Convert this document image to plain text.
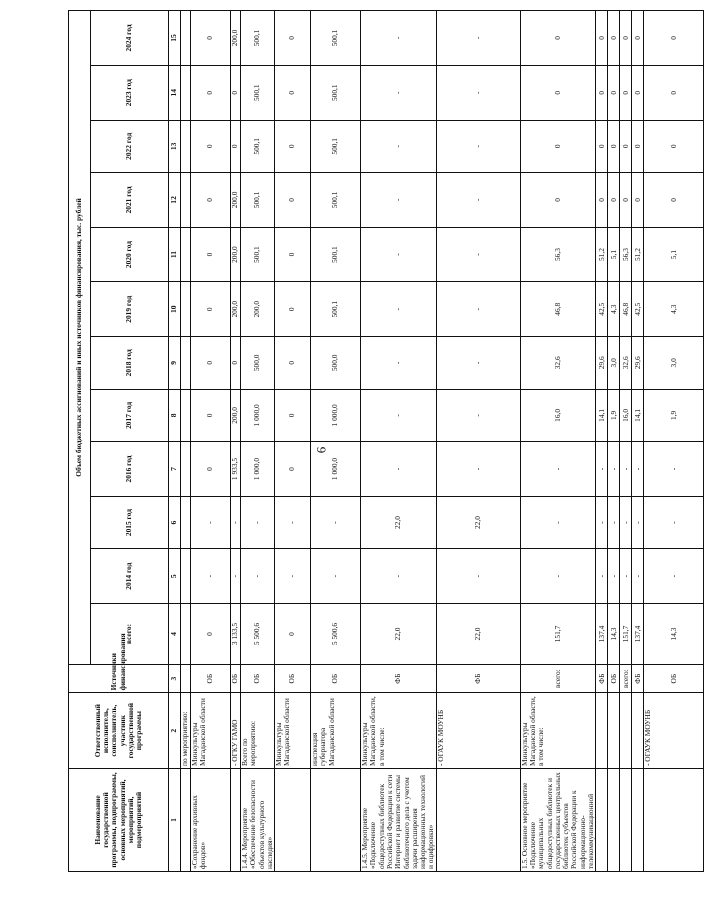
6
Наименование государственной программы, подпрограммы, основных мероприятий, мероприятий, подмероприятий	Ответственный исполнитель, соисполнитель, участник государственной программы	Источники финансирования	Объем бюджетных ассигнований и иных источников финансирования, тыс. рублей											
			всего:	2014 год	2015 год	2016 год	2017 год	2018 год	2019 год	2020 год	2021 год	2022 год	2023 год	2024 год
1	2	3	4	5	6	7	8	9	10	11	12	13	14	15
	по мероприятию:													
«Сохранение архивных фондов»	Минкультуры Магаданской области	ОБ	0	-	-	0	0	0	0	0	0	0	0	0
	- ОГКУ ГАМО	ОБ	3 133,5	-	-	1 933,5	200,0	0	200,0	200,0	200,0	0	0	200,0
1.4.4. Мероприятие «Обеспечение безопасности объектов культурного наследия»	Всего по мероприятию:	ОБ	5 500,6	-	-	1 000,0	1 000,0	500,0	200,0	500,1	500,1	500,1	500,1	500,1
	Минкультуры Магаданской области	ОБ	0	-	-	0	0	0	0	0	0	0	0	0
	инспекция губернатора Магаданской области	ОБ	5 500,6	-	-	1 000,0	1 000,0	500,0	500,1	500,1	500,1	500,1	500,1	500,1
1.4.5. Мероприятие «Подключение общедоступных библиотек Российской Федерации к сети Интернет и развитие системы библиотечного дела с учетом задачи расширения информационных технологий и оцифровки»	Минкультуры Магаданской области, в том числе:	ФБ	22,0	-	22,0	-	-	-	-	-	-	-	-	-
	- ОГАУК МОУНБ	ФБ	22,0	-	22,0	-	-	-	-	-	-	-	-	-
1.5. Основное мероприятие «Подключение муниципальных общедоступных библиотек и государственных центральных библиотек субъектов Российской Федерации к информационно-телекоммуникационной	Минкультуры Магаданской области, в том числе:	всего:	151,7	-	-	-	16,0	32,6	46,8	56,3	0	0	0	0
		ФБ	137,4	-	-	-	14,1	29,6	42,5	51,2	0	0	0	0
		ОБ	14,3	-	-	-	1,9	3,0	4,3	5,1	0	0	0	0
		всего:	151,7	-	-	-	16,0	32,6	46,8	56,3	0	0	0	0
		ФБ	137,4	-	-	-	14,1	29,6	42,5	51,2	0	0	0	0
	- ОГАУК МОУНБ	ОБ	14,3	-	-	-	1,9	3,0	4,3	5,1	0	0	0	0
